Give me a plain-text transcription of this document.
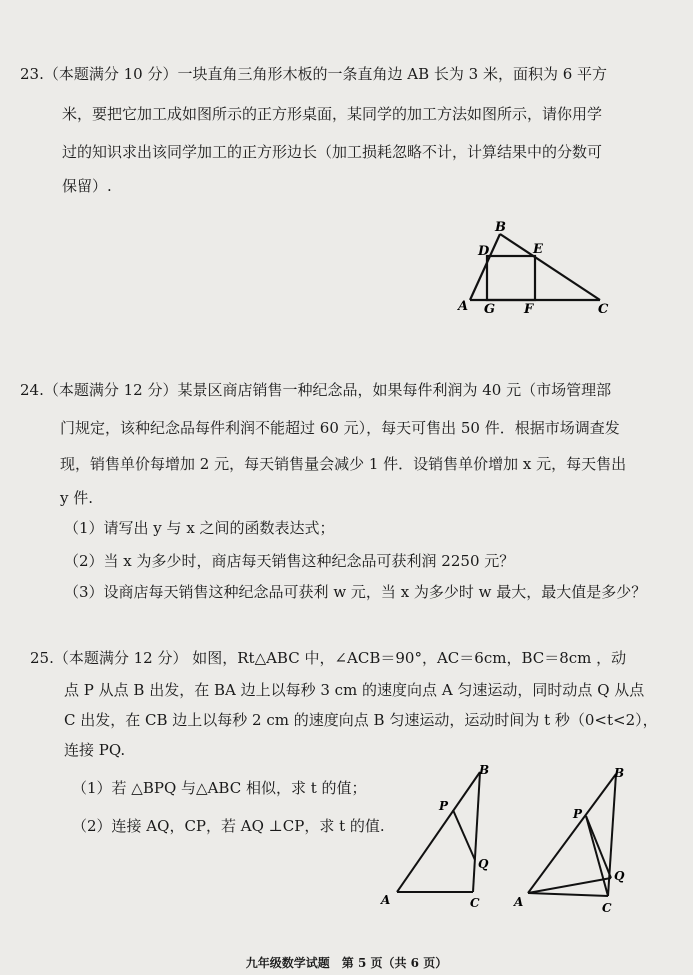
23.（本题满分 10 分）一块直角三角形木板的一条直角边 AB 长为 3 米，面积为 6 平方
米，要把它加工成如图所示的正方形桌面，某同学的加工方法如图所示，请你用学
过的知识求出该同学加工的正方形边长（加工损耗忽略不计，计算结果中的分数可
保留）.
B
D	E
A G F	C
24.（本题满分 12 分）某景区商店销售一种纪念品，如果每件利润为 40 元（市场管理部
门规定，该种纪念品每件利润不能超过 60 元），每天可售出 50 件．根据市场调查发
现，销售单价每增加 2 元，每天销售量会减少 1 件．设销售单价增加 x 元，每天售出
y 件.
（1）请写出 y 与 x 之间的函数表达式；
（2）当 x 为多少时，商店每天销售这种纪念品可获利润 2250 元？
（3）设商店每天销售这种纪念品可获利 w 元，当 x 为多少时 w 最大，最大值是多少？
25.（本题满分 12 分） 如图，Rt△ABC 中，∠ACB＝90°，AC＝6cm，BC＝8cm ，动
点 P 从点 B 出发，在 BA 边上以每秒 3 cm 的速度向点 A 匀速运动，同时动点 Q 从点
C 出发，在 CB 边上以每秒 2 cm 的速度向点 B 匀速运动，运动时间为 t 秒（0<t<2），
连接 PQ.
（1）若 △BPQ 与△ABC 相似，求 t 的值；
（2）连接 AQ，CP，若 AQ ⊥CP，求 t 的值.
B
P
Q
A	C
B
P
Q
A	C
九年级数学试题　第 5 页（共 6 页）
